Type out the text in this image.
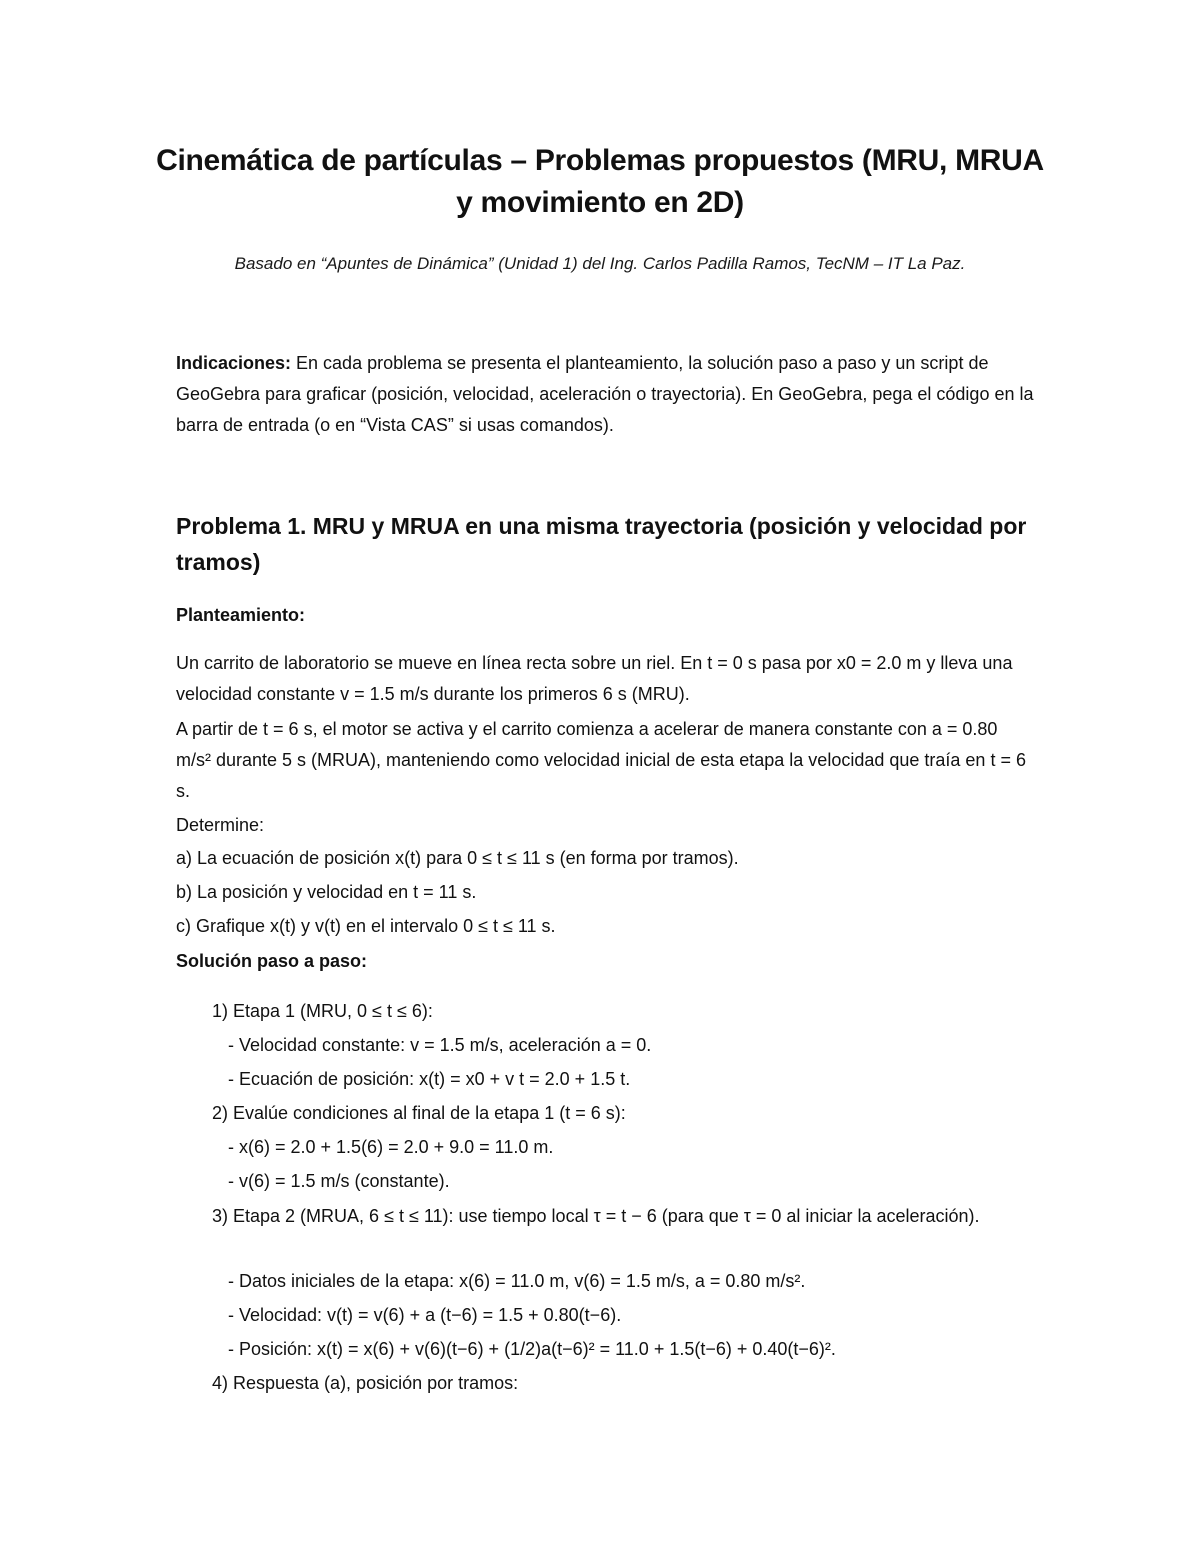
Cinemática de partículas – Problemas propuestos (MRU, MRUA y movimiento en 2D)

Basado en “Apuntes de Dinámica” (Unidad 1) del Ing. Carlos Padilla Ramos, TecNM – IT La Paz.

Indicaciones: En cada problema se presenta el planteamiento, la solución paso a paso y un script de GeoGebra para graficar (posición, velocidad, aceleración o trayectoria). En GeoGebra, pega el código en la barra de entrada (o en “Vista CAS” si usas comandos).

Problema 1. MRU y MRUA en una misma trayectoria (posición y velocidad por tramos)

Planteamiento:

Un carrito de laboratorio se mueve en línea recta sobre un riel. En t = 0 s pasa por x0 = 2.0 m y lleva una velocidad constante v = 1.5 m/s durante los primeros 6 s (MRU).

A partir de t = 6 s, el motor se activa y el carrito comienza a acelerar de manera constante con a = 0.80 m/s² durante 5 s (MRUA), manteniendo como velocidad inicial de esta etapa la velocidad que traía en t = 6 s.

Determine:

a) La ecuación de posición x(t) para 0 ≤ t ≤ 11 s (en forma por tramos).

b) La posición y velocidad en t = 11 s.

c) Grafique x(t) y v(t) en el intervalo 0 ≤ t ≤ 11 s.

Solución paso a paso:

1) Etapa 1 (MRU, 0 ≤ t ≤ 6):

- Velocidad constante: v = 1.5 m/s, aceleración a = 0.

- Ecuación de posición: x(t) = x0 + v t = 2.0 + 1.5 t.

2) Evalúe condiciones al final de la etapa 1 (t = 6 s):

- x(6) = 2.0 + 1.5(6) = 2.0 + 9.0 = 11.0 m.

- v(6) = 1.5 m/s (constante).

3) Etapa 2 (MRUA, 6 ≤ t ≤ 11): use tiempo local τ = t − 6 (para que τ = 0 al iniciar la aceleración).

- Datos iniciales de la etapa: x(6) = 11.0 m, v(6) = 1.5 m/s, a = 0.80 m/s².

- Velocidad: v(t) = v(6) + a (t−6) = 1.5 + 0.80(t−6).

- Posición: x(t) = x(6) + v(6)(t−6) + (1/2)a(t−6)² = 11.0 + 1.5(t−6) + 0.40(t−6)².

4) Respuesta (a), posición por tramos:
